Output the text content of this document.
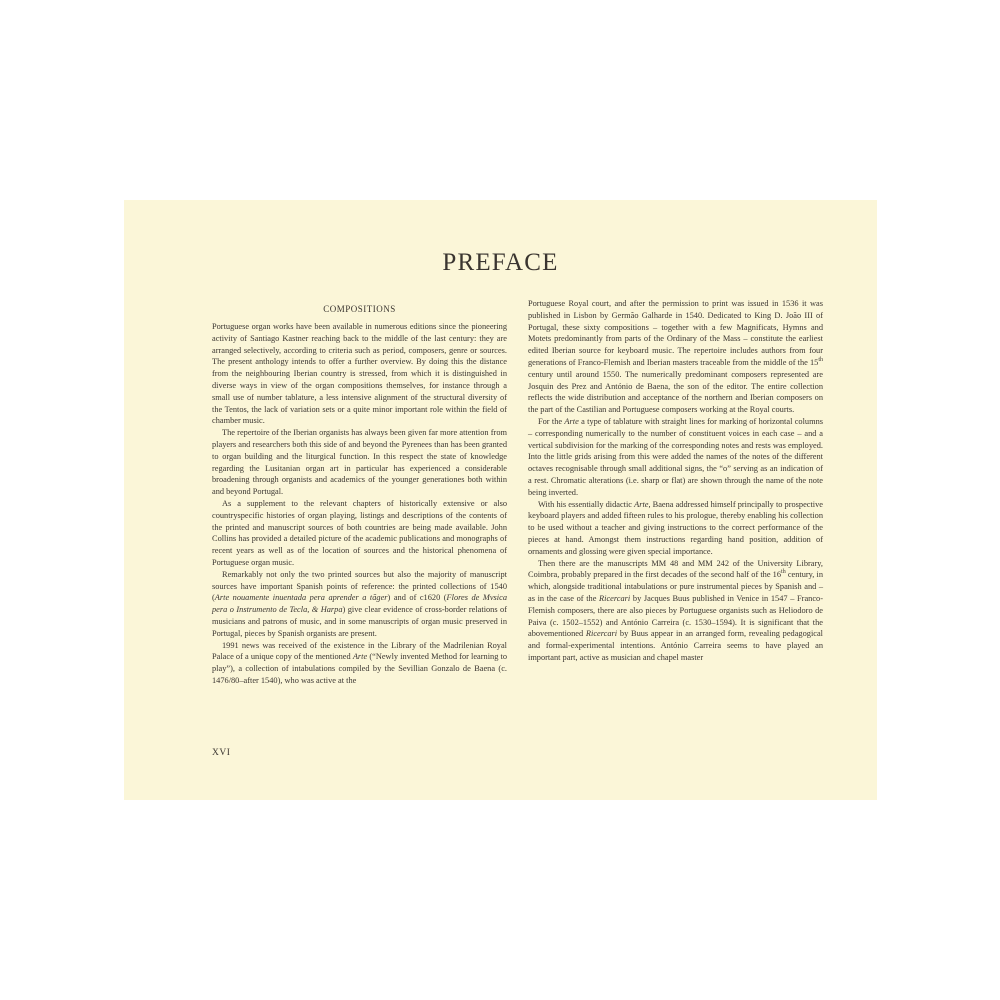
PREFACE
COMPOSITIONS

Portuguese organ works have been available in numerous editions since the pioneering activity of Santiago Kastner reaching back to the middle of the last century: they are arranged selectively, according to criteria such as period, composers, genre or sources. The present anthology intends to offer a further overview. By doing this the distance from the neighbouring Iberian country is stressed, from which it is distinguished in diverse ways in view of the organ compositions themselves, for instance through a small use of number tablature, a less intensive alignment of the structural diversity of the Tentos, the lack of variation sets or a quite minor important role within the field of chamber music.

The repertoire of the Iberian organists has always been given far more attention from players and researchers both this side of and beyond the Pyrenees than has been granted to organ building and the liturgical function. In this respect the state of knowledge regarding the Lusitanian organ art in particular has experienced a considerable broadening through organists and academics of the younger generationes both within and beyond Portugal.

As a supplement to the relevant chapters of historically extensive or also countryspecific histories of organ playing, listings and descriptions of the contents of the printed and manuscript sources of both countries are being made available. John Collins has provided a detailed picture of the academic publications and monographs of recent years as well as of the location of sources and the historical phenomena of Portuguese organ music.

Remarkably not only the two printed sources but also the majority of manuscript sources have important Spanish points of reference: the printed collections of 1540 (Arte nouamente inuentada pera aprender a tãger) and of c1620 (Flores de Mvsica pera o Instrumento de Tecla, & Harpa) give clear evidence of cross-border relations of musicians and patrons of music, and in some manuscripts of organ music preserved in Portugal, pieces by Spanish organists are present.

1991 news was received of the existence in the Library of the Madrilenian Royal Palace of a unique copy of the mentioned Arte (“Newly invented Method for learning to play”), a collection of intabulations compiled by the Sevillian Gonzalo de Baena (c. 1476/80–after 1540), who was active at the

Portuguese Royal court, and after the permission to print was issued in 1536 it was published in Lisbon by Germão Galharde in 1540. Dedicated to King D. João III of Portugal, these sixty compositions – together with a few Magnificats, Hymns and Motets predominantly from parts of the Ordinary of the Mass – constitute the earliest edited Iberian source for keyboard music. The repertoire includes authors from four generations of Franco-Flemish and Iberian masters traceable from the middle of the 15th century until around 1550. The numerically predominant composers represented are Josquin des Prez and António de Baena, the son of the editor. The entire collection reflects the wide distribution and acceptance of the northern and Iberian composers on the part of the Castilian and Portuguese composers working at the Royal courts.

For the Arte a type of tablature with straight lines for marking of horizontal columns – corresponding numerically to the number of constituent voices in each case – and a vertical subdivision for the marking of the corresponding notes and rests was employed. Into the little grids arising from this were added the names of the notes of the different octaves recognisable through small additional signs, the “o” serving as an indication of a rest. Chromatic alterations (i.e. sharp or flat) are shown through the name of the note being inverted.

With his essentially didactic Arte, Baena addressed himself principally to prospective keyboard players and added fifteen rules to his prologue, thereby enabling his collection to be used without a teacher and giving instructions to the correct performance of the pieces at hand. Amongst them instructions regarding hand position, addition of ornaments and glossing were given special importance.

Then there are the manuscripts MM 48 and MM 242 of the University Library, Coimbra, probably prepared in the first decades of the second half of the 16th century, in which, alongside traditional intabulations or pure instrumental pieces by Spanish and – as in the case of the Ricercari by Jacques Buus published in Venice in 1547 – Franco-Flemish composers, there are also pieces by Portuguese organists such as Heliodoro de Paiva (c. 1502–1552) and António Carreira (c. 1530–1594). It is significant that the abovementioned Ricercari by Buus appear in an arranged form, revealing pedagogical and formal-experimental intentions. António Carreira seems to have played an important part, active as musician and chapel master

XVI
